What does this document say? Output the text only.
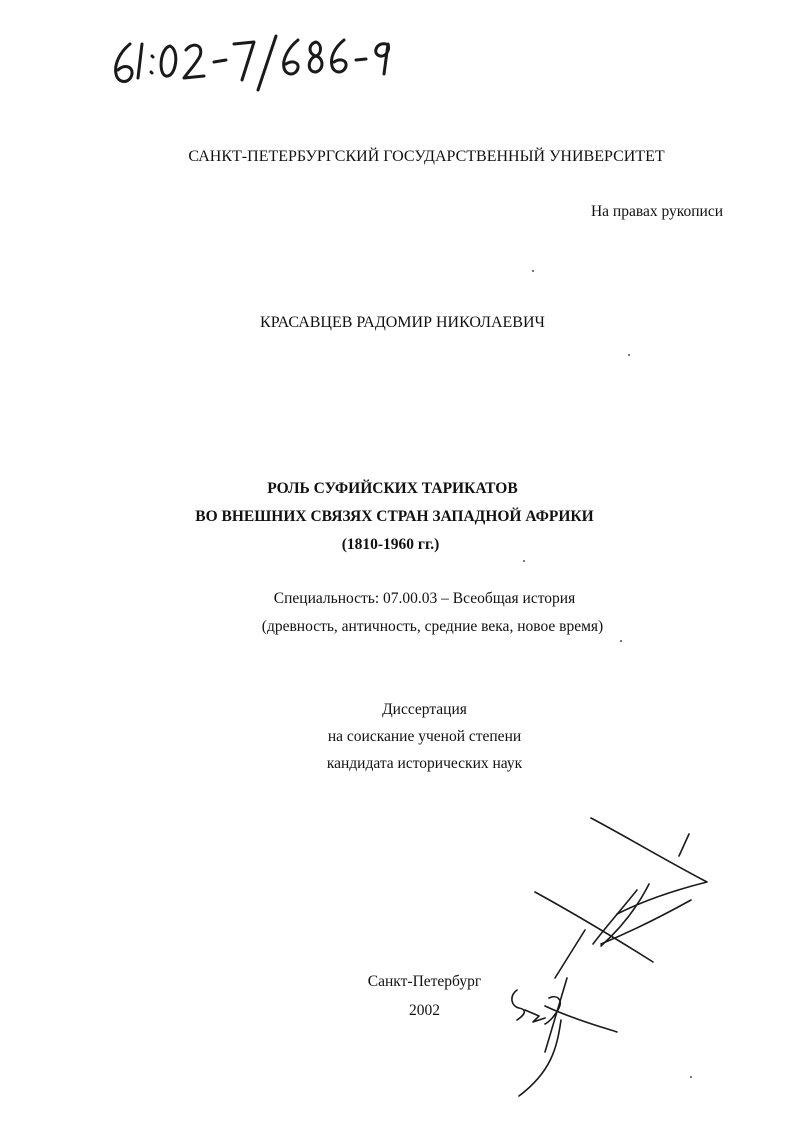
САНКТ-ПЕТЕРБУРГСКИЙ ГОСУДАРСТВЕННЫЙ УНИВЕРСИТЕТ
На правах рукописи
КРАСАВЦЕВ РАДОМИР НИКОЛАЕВИЧ
РОЛЬ СУФИЙСКИХ ТАРИКАТОВ
ВО ВНЕШНИХ СВЯЗЯХ СТРАН ЗАПАДНОЙ АФРИКИ
(1810-1960 гг.)
Специальность: 07.00.03 – Всеобщая история
(древность, античность, средние века, новое время)
Диссертация
на соискание ученой степени
кандидата исторических наук
Санкт-Петербург
2002
